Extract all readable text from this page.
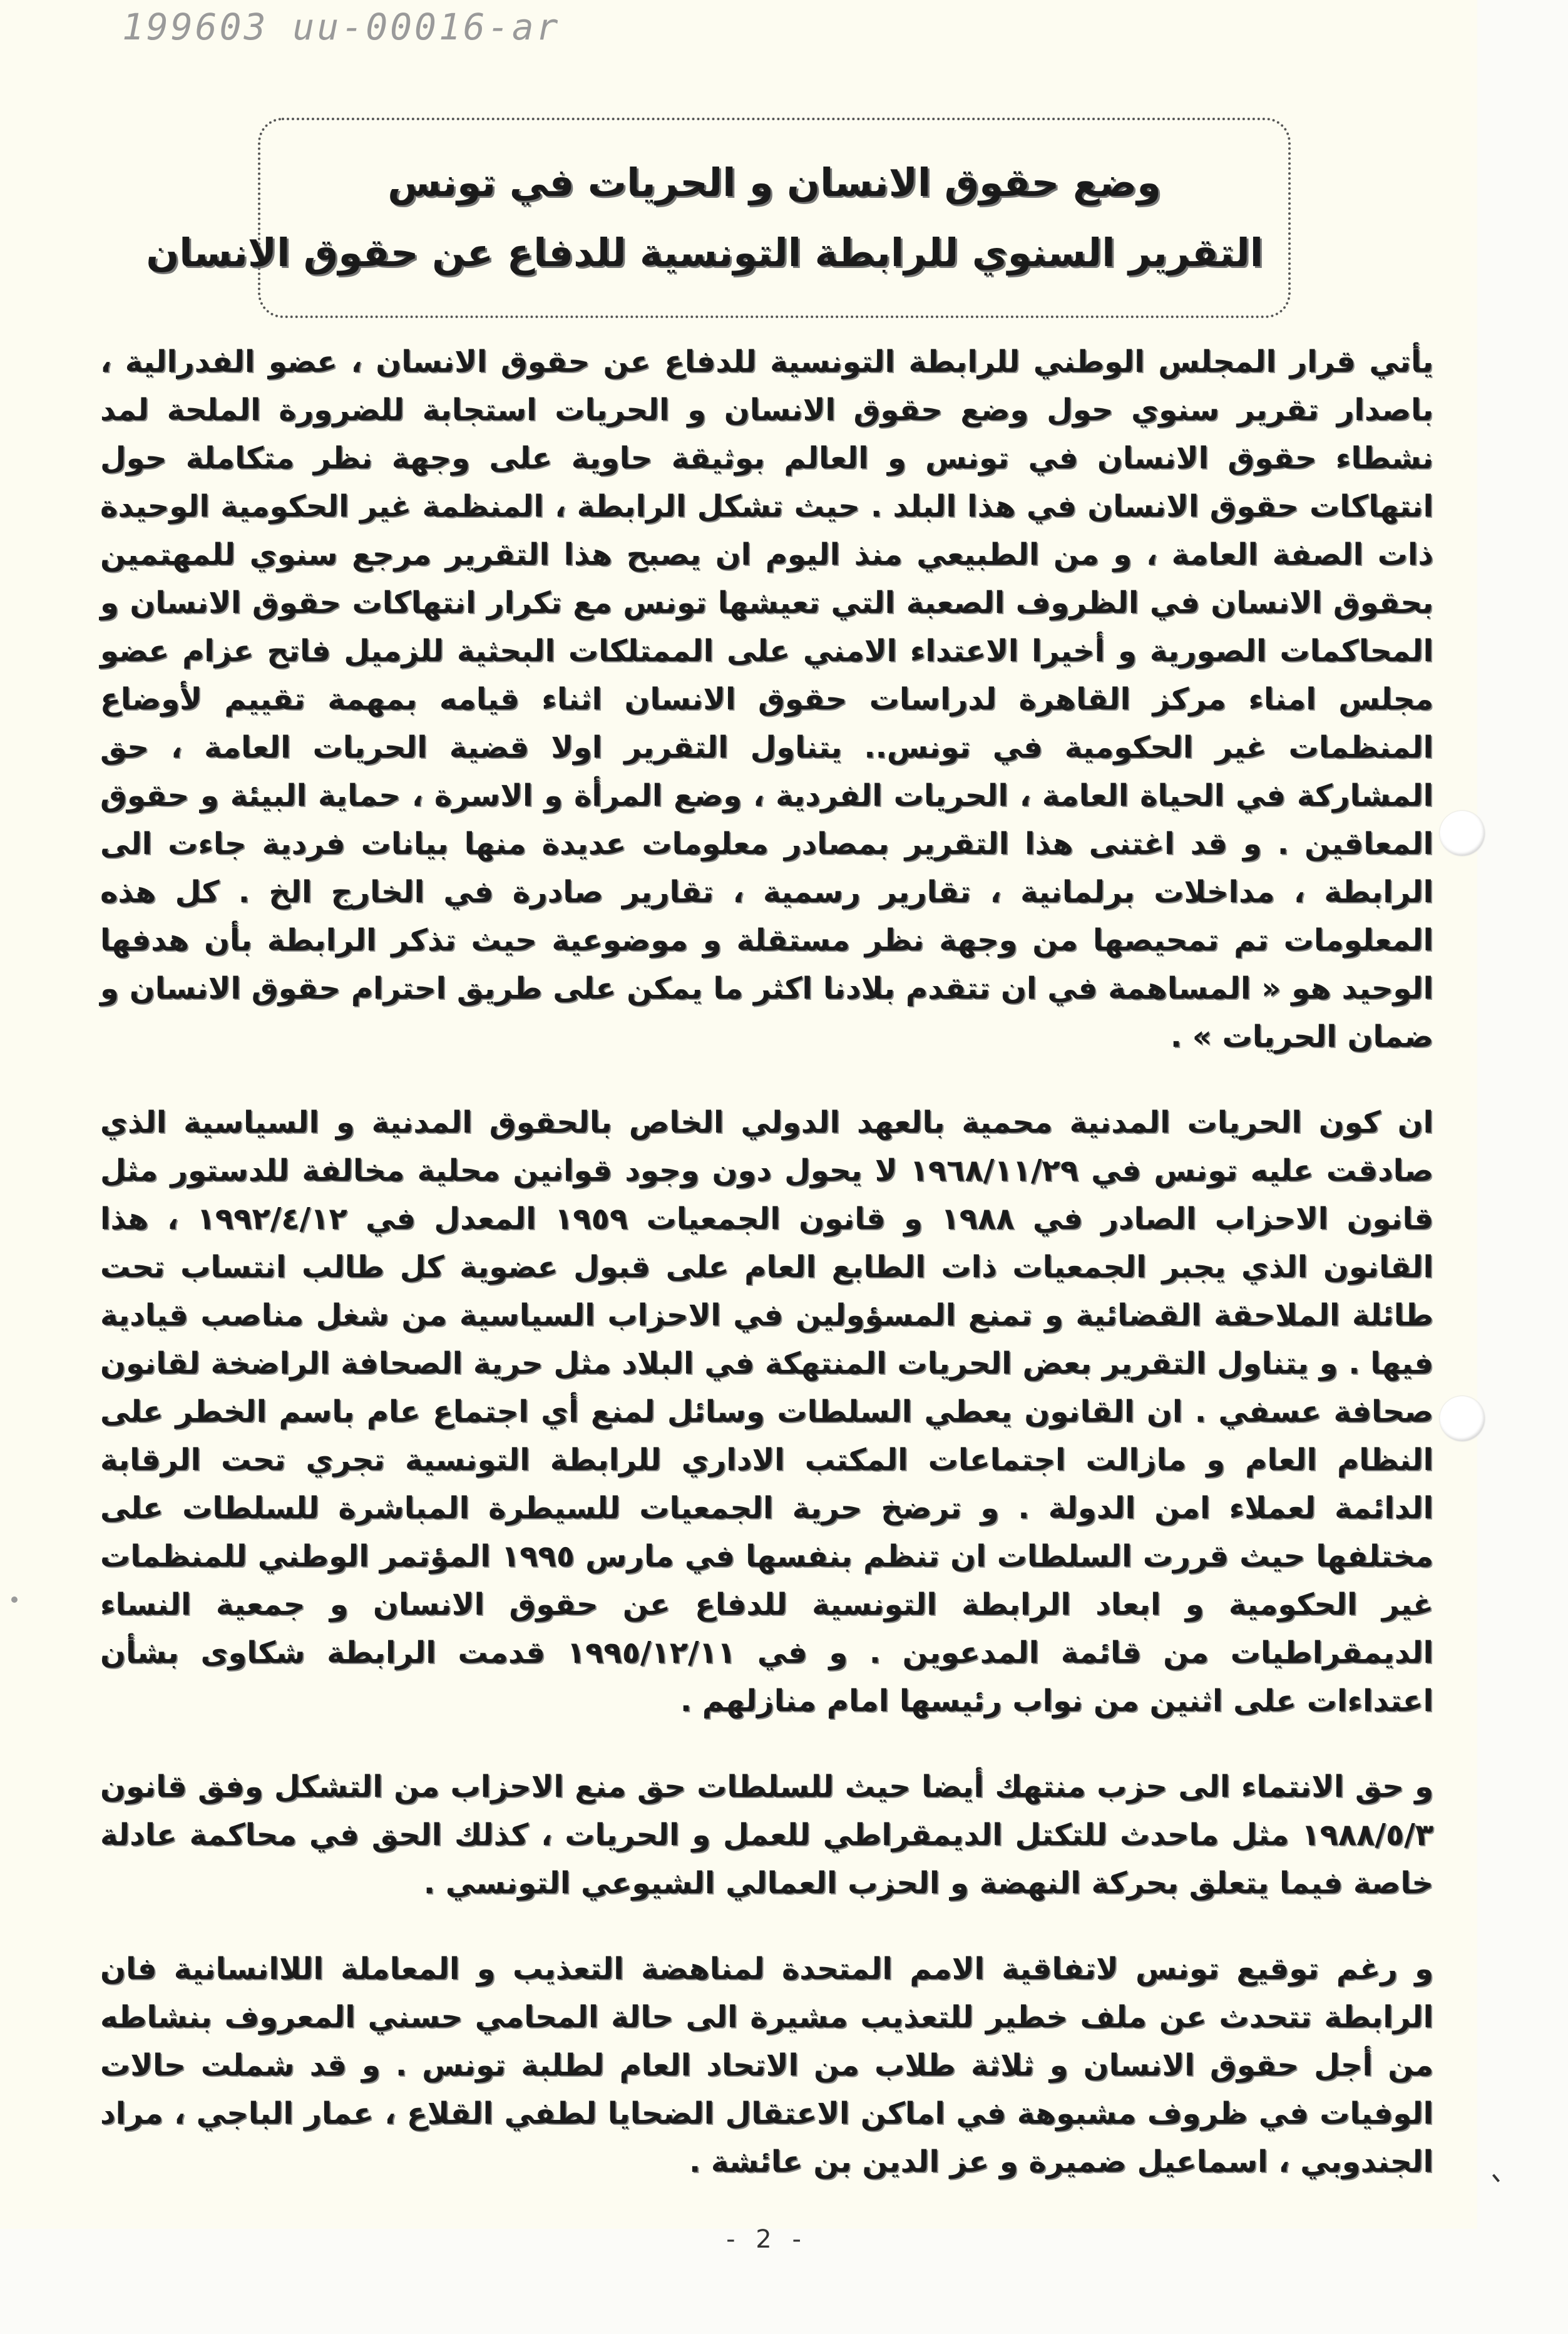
199603 uu-00016-ar
وضع حقوق الانسان و الحريات في تونس
التقرير السنوي للرابطة التونسية للدفاع عن حقوق الانسان

يأتي قرار المجلس الوطني للرابطة التونسية للدفاع عن حقوق الانسان ، عضو الفدرالية ، باصدار تقرير سنوي حول وضع حقوق الانسان و الحريات استجابة للضرورة الملحة لمد نشطاء حقوق الانسان في تونس و العالم بوثيقة حاوية على وجهة نظر متكاملة حول انتهاكات حقوق الانسان في هذا البلد . حيث تشكل الرابطة ، المنظمة غير الحكومية الوحيدة ذات الصفة العامة ، و من الطبيعي منذ اليوم ان يصبح هذا التقرير مرجع سنوي للمهتمين بحقوق الانسان في الظروف الصعبة التي تعيشها تونس مع تكرار انتهاكات حقوق الانسان و المحاكمات الصورية و أخيرا الاعتداء الامني على الممتلكات البحثية للزميل فاتح عزام عضو مجلس امناء مركز القاهرة لدراسات حقوق الانسان اثناء قيامه بمهمة تقييم لأوضاع المنظمات غير الحكومية في تونس.. يتناول التقرير اولا قضية الحريات العامة ، حق المشاركة في الحياة العامة ، الحريات الفردية ، وضع المرأة و الاسرة ، حماية البيئة و حقوق المعاقين . و قد اغتنى هذا التقرير بمصادر معلومات عديدة منها بيانات فردية جاءت الى الرابطة ، مداخلات برلمانية ، تقارير رسمية ، تقارير صادرة في الخارج الخ . كل هذه المعلومات تم تمحيصها من وجهة نظر مستقلة و موضوعية حيث تذكر الرابطة بأن هدفها الوحيد هو « المساهمة في ان تتقدم بلادنا اكثر ما يمكن على طريق احترام حقوق الانسان و ضمان الحريات » .

ان كون الحريات المدنية محمية بالعهد الدولي الخاص بالحقوق المدنية و السياسية الذي صادقت عليه تونس في ١٩٦٨/١١/٢٩ لا يحول دون وجود قوانين محلية مخالفة للدستور مثل قانون الاحزاب الصادر في ١٩٨٨ و قانون الجمعيات ١٩٥٩ المعدل في ١٩٩٢/٤/١٢ ، هذا القانون الذي يجبر الجمعيات ذات الطابع العام على قبول عضوية كل طالب انتساب تحت طائلة الملاحقة القضائية و تمنع المسؤولين في الاحزاب السياسية من شغل مناصب قيادية فيها . و يتناول التقرير بعض الحريات المنتهكة في البلاد مثل حرية الصحافة الراضخة لقانون صحافة عسفي . ان القانون يعطي السلطات وسائل لمنع أي اجتماع عام باسم الخطر على النظام العام و مازالت اجتماعات المكتب الاداري للرابطة التونسية تجري تحت الرقابة الدائمة لعملاء امن الدولة . و ترضخ حرية الجمعيات للسيطرة المباشرة للسلطات على مختلفها حيث قررت السلطات ان تنظم بنفسها في مارس ١٩٩٥ المؤتمر الوطني للمنظمات غير الحكومية و ابعاد الرابطة التونسية للدفاع عن حقوق الانسان و جمعية النساء الديمقراطيات من قائمة المدعوين . و في ١٩٩٥/١٢/١١ قدمت الرابطة شكاوى بشأن اعتداءات على اثنين من نواب رئيسها امام منازلهم .

و حق الانتماء الى حزب منتهك أيضا حيث للسلطات حق منع الاحزاب من التشكل وفق قانون ١٩٨٨/٥/٣ مثل ماحدث للتكتل الديمقراطي للعمل و الحريات ، كذلك الحق في محاكمة عادلة خاصة فيما يتعلق بحركة النهضة و الحزب العمالي الشيوعي التونسي .

و رغم توقيع تونس لاتفاقية الامم المتحدة لمناهضة التعذيب و المعاملة اللاانسانية فان الرابطة تتحدث عن ملف خطير للتعذيب مشيرة الى حالة المحامي حسني المعروف بنشاطه من أجل حقوق الانسان و ثلاثة طلاب من الاتحاد العام لطلبة تونس . و قد شملت حالات الوفيات في ظروف مشبوهة في اماكن الاعتقال الضحايا لطفي القلاع ، عمار الباجي ، مراد الجندوبي ، اسماعيل ضميرة و عز الدين بن عائشة .

- 2 -
